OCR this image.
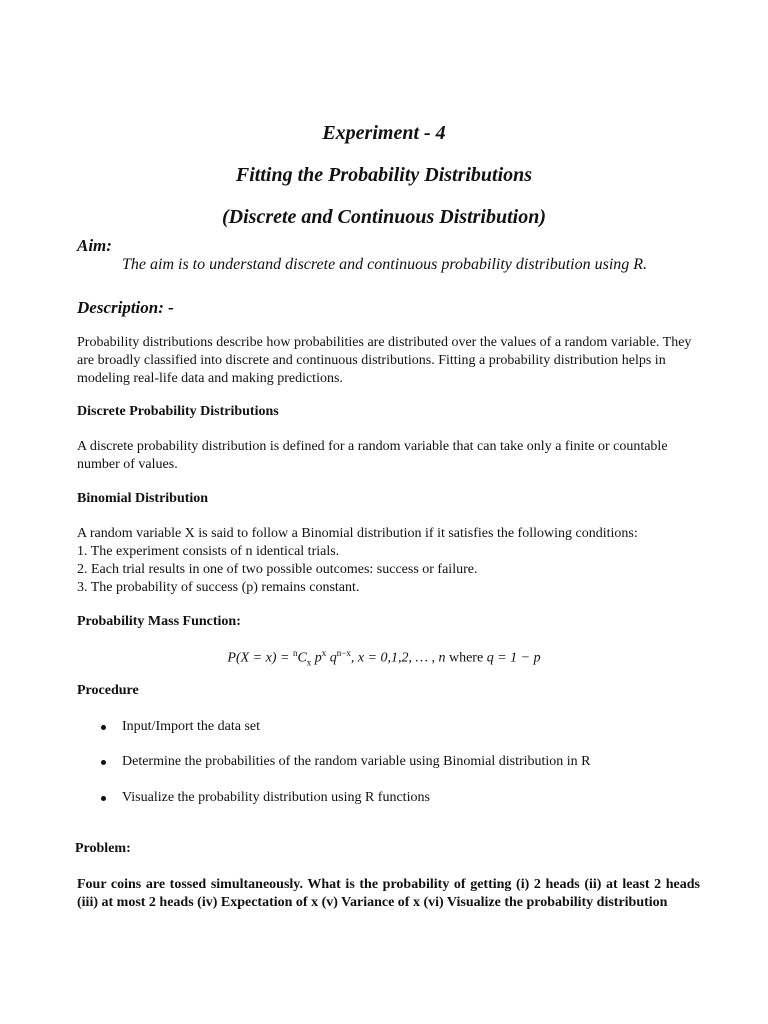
Experiment - 4
Fitting the Probability Distributions
(Discrete and Continuous Distribution)
Aim:
The aim is to understand discrete and continuous probability distribution using R.
Description: -
Probability distributions describe how probabilities are distributed over the values of a random variable. They are broadly classified into discrete and continuous distributions. Fitting a probability distribution helps in modeling real-life data and making predictions.
Discrete Probability Distributions
A discrete probability distribution is defined for a random variable that can take only a finite or countable number of values.
Binomial Distribution

A random variable X is said to follow a Binomial distribution if it satisfies the following conditions:

1. The experiment consists of n identical trials.

2. Each trial results in one of two possible outcomes: success or failure.

3. The probability of success (p) remains constant.

Probability Mass Function:
$P(X = x) = ^nC_x$ $p^x$ $q^{n-x}$, x = 0,1,2, … , n where q = 1 − p
Procedure
Input/Import the data set
Determine the probabilities of the random variable using Binomial distribution in R
Visualize the probability distribution using R functions
Problem:
Four coins are tossed simultaneously. What is the probability of getting (i) 2 heads (ii) at least 2 heads (iii) at most 2 heads (iv) Expectation of x (v) Variance of x (vi) Visualize the probability distribution
